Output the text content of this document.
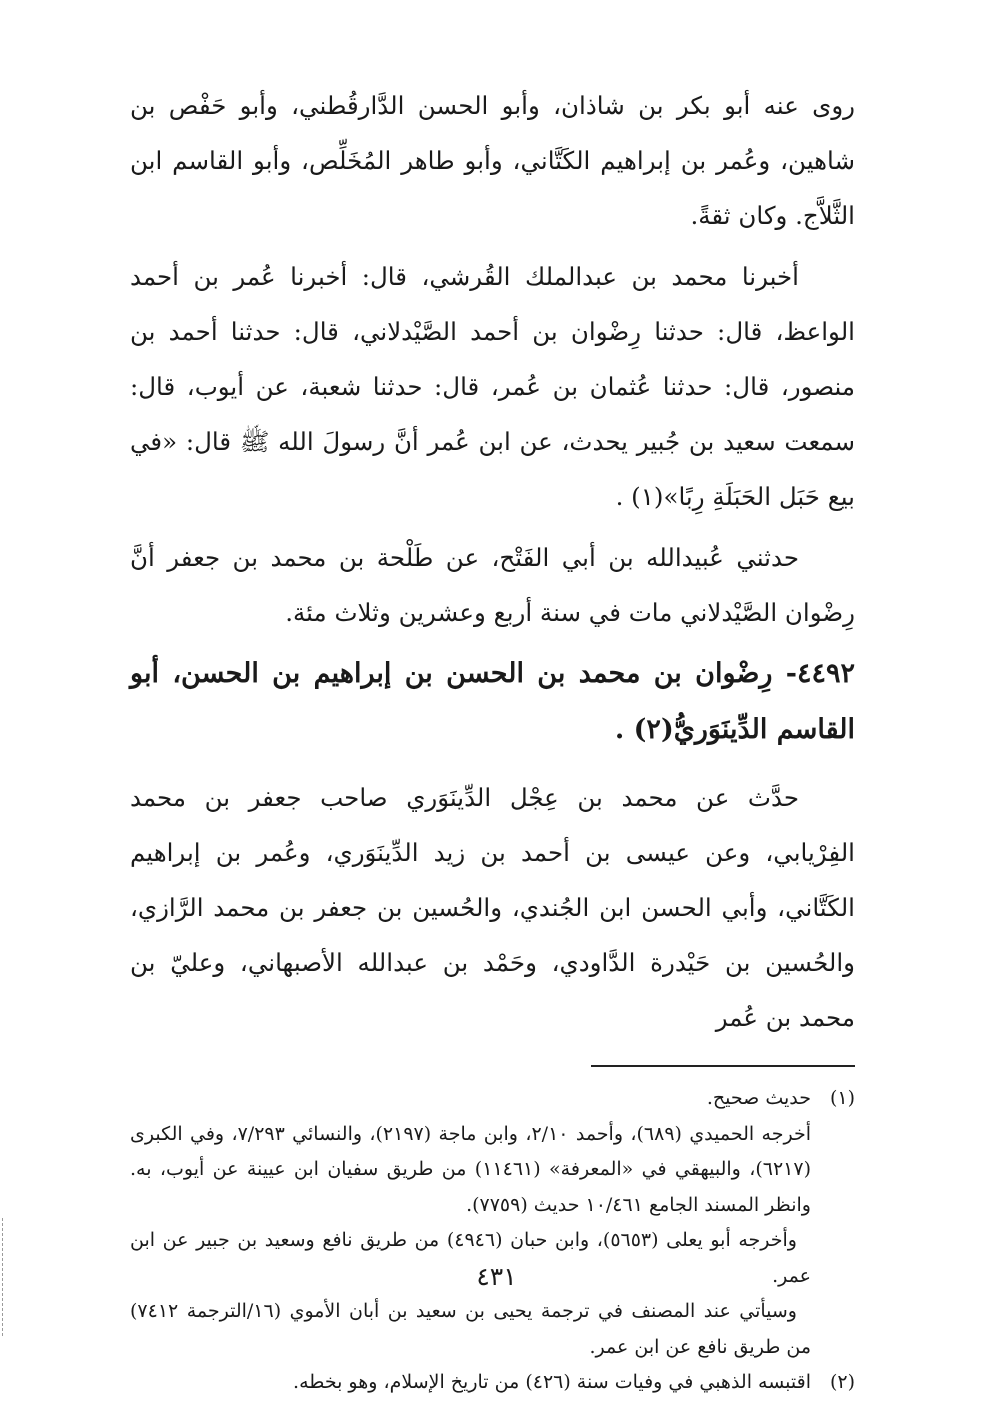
روى عنه أبو بكر بن شاذان، وأبو الحسن الدَّارقُطني، وأبو حَفْص بن شاهين، وعُمر بن إبراهيم الكَتَّاني، وأبو طاهر المُخَلِّص، وأبو القاسم ابن الثَّلاَّج. وكان ثقةً.

أخبرنا محمد بن عبدالملك القُرشي، قال: أخبرنا عُمر بن أحمد الواعظ، قال: حدثنا رِضْوان بن أحمد الصَّيْدلاني، قال: حدثنا أحمد بن منصور، قال: حدثنا عُثمان بن عُمر، قال: حدثنا شعبة، عن أيوب، قال: سمعت سعيد بن جُبير يحدث، عن ابن عُمر أنَّ رسولَ الله ﷺ قال: «في بيع حَبَل الحَبَلَةِ رِبًا»(١) .

حدثني عُبيدالله بن أبي الفَتْح، عن طَلْحة بن محمد بن جعفر أنَّ رِضْوان الصَّيْدلاني مات في سنة أربع وعشرين وثلاث مئة.

٤٤٩٢- رِضْوان بن محمد بن الحسن بن إبراهيم بن الحسن، أبو القاسم الدِّينَوَريُّ(٢) .

حدَّث عن محمد بن عِجْل الدِّينَوَري صاحب جعفر بن محمد الفِرْيابي، وعن عيسى بن أحمد بن زيد الدِّينَوَري، وعُمر بن إبراهيم الكَتَّاني، وأبي الحسن ابن الجُندي، والحُسين بن جعفر بن محمد الرَّازي، والحُسين بن حَيْدرة الدَّاودي، وحَمْد بن عبدالله الأصبهاني، وعليّ بن محمد بن عُمر

(١)حديث صحيح.

أخرجه الحميدي (٦٨٩)، وأحمد ٢/١٠، وابن ماجة (٢١٩٧)، والنسائي ٧/٢٩٣، وفي الكبرى (٦٢١٧)، والبيهقي في «المعرفة» (١١٤٦١) من طريق سفيان ابن عيينة عن أيوب، به. وانظر المسند الجامع ١٠/٤٦١ حديث (٧٧٥٩).

وأخرجه أبو يعلى (٥٦٥٣)، وابن حبان (٤٩٤٦) من طريق نافع وسعيد بن جبير عن ابن عمر.

وسيأتي عند المصنف في ترجمة يحيى بن سعيد بن أبان الأموي (١٦/الترجمة ٧٤١٢) من طريق نافع عن ابن عمر.

(٢)اقتبسه الذهبي في وفيات سنة (٤٢٦) من تاريخ الإسلام، وهو بخطه.

٤٣١
